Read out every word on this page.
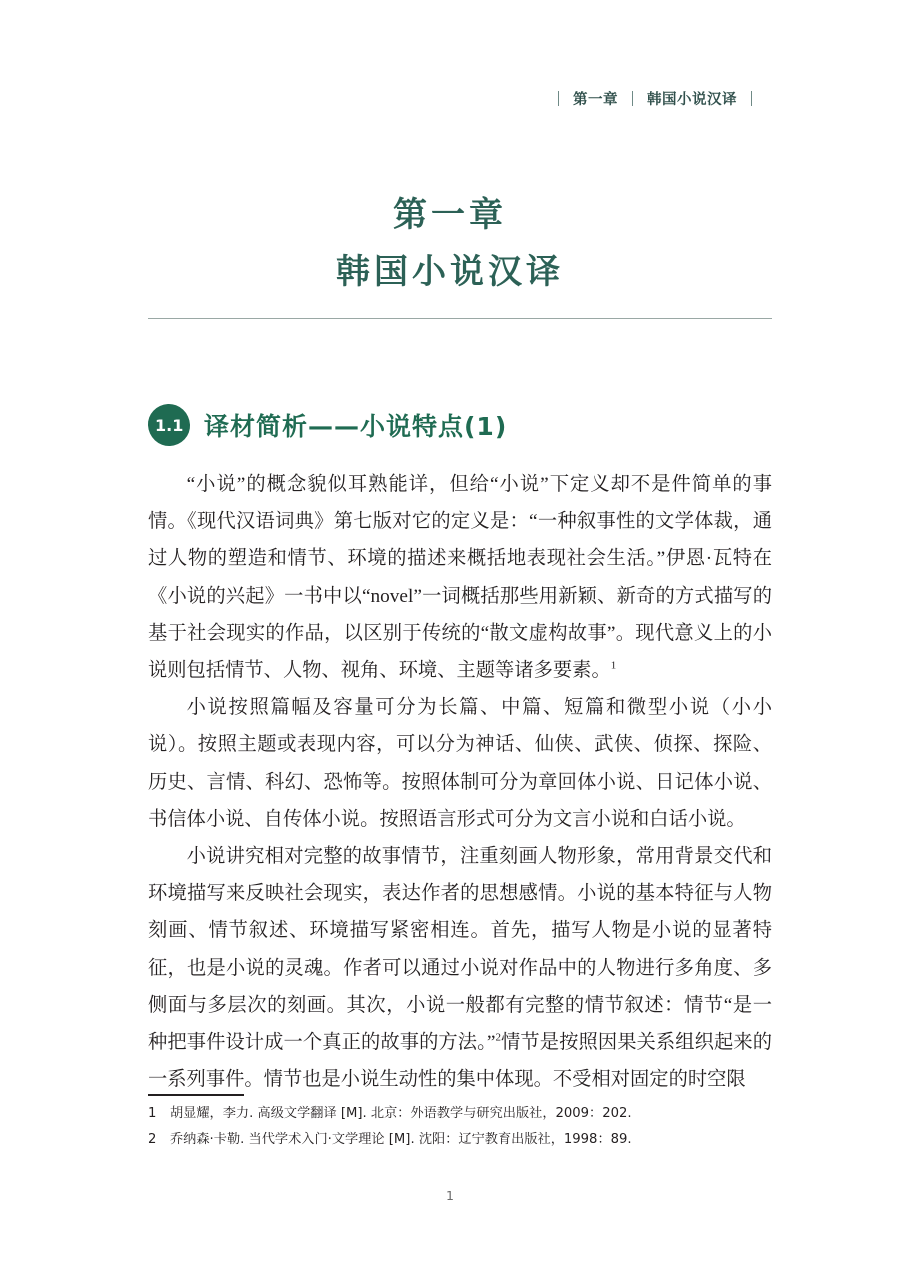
第一章 韩国小说汉译
第一章
韩国小说汉译
1.1 译材简析——小说特点(1)

“小说”的概念貌似耳熟能详，但给“小说”下定义却不是件简单的事情。《现代汉语词典》第七版对它的定义是：“一种叙事性的文学体裁，通过人物的塑造和情节、环境的描述来概括地表现社会生活。”伊恩·瓦特在《小说的兴起》一书中以“novel”一词概括那些用新颖、新奇的方式描写的基于社会现实的作品，以区别于传统的“散文虚构故事”。现代意义上的小说则包括情节、人物、视角、环境、主题等诸多要素。$^1$

小说按照篇幅及容量可分为长篇、中篇、短篇和微型小说（小小说）。按照主题或表现内容，可以分为神话、仙侠、武侠、侦探、探险、历史、言情、科幻、恐怖等。按照体制可分为章回体小说、日记体小说、书信体小说、自传体小说。按照语言形式可分为文言小说和白话小说。

小说讲究相对完整的故事情节，注重刻画人物形象，常用背景交代和环境描写来反映社会现实，表达作者的思想感情。小说的基本特征与人物刻画、情节叙述、环境描写紧密相连。首先，描写人物是小说的显著特征，也是小说的灵魂。作者可以通过小说对作品中的人物进行多角度、多侧面与多层次的刻画。其次，小说一般都有完整的情节叙述：情节“是一种把事件设计成一个真正的故事的方法。”$^2$情节是按照因果关系组织起来的一系列事件。情节也是小说生动性的集中体现。不受相对固定的时空限

1 胡显耀，李力. 高级文学翻译 [M]. 北京：外语教学与研究出版社，2009：202.
2 乔纳森·卡勒. 当代学术入门·文学理论 [M]. 沈阳：辽宁教育出版社，1998：89.
1
